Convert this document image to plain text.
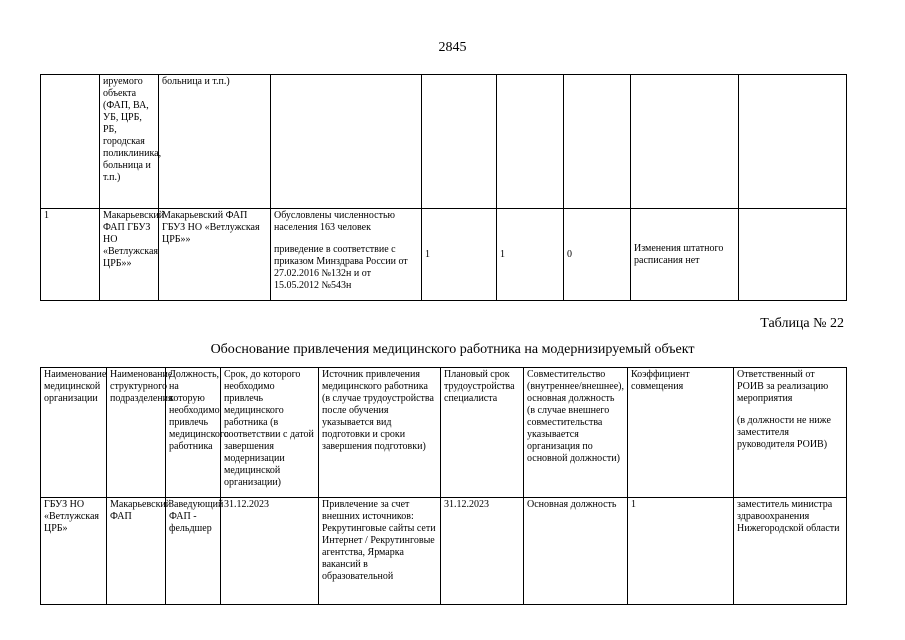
2845
	ируемого объекта (ФАП, ВА, УБ, ЦРБ, РБ, городская поликлиника, больница и т.п.)	больница и т.п.)						
1	Макарьевский ФАП ГБУЗ НО «Ветлужская ЦРБ»»	Макарьевский ФАП ГБУЗ НО «Ветлужская ЦРБ»»	Обусловлены численностью населения 163 человек

приведение в соответствие с приказом Минздрава России от 27.02.2016 №132н и от 15.05.2012 №543н	1	1	0	Изменения штатного расписания нет	
Таблица № 22
Обоснование привлечения медицинского работника на модернизируемый объект
Наименование медицинской организации	Наименование структурного подразделения	Должность, на которую необходимо привлечь медицинского работника	Срок, до которого необходимо привлечь медицинского работника (в соответствии с датой завершения модернизации медицинской организации)	Источник привлечения медицинского работника (в случае трудоустройства после обучения указывается вид подготовки и сроки завершения подготовки)	Плановый срок трудоустройства специалиста	Совместительство (внутреннее/внешнее), основная должность (в случае внешнего совместительства указывается организация по основной должности)	Коэффициент совмещения	Ответственный от РОИВ за реализацию мероприятия

(в должности не ниже заместителя руководителя РОИВ)

ГБУЗ НО «Ветлужская ЦРБ»	Макарьевский ФАП	Заведующий ФАП - фельдшер	31.12.2023	Привлечение за счет внешних источников: Рекрутинговые сайты сети Интернет / Рекрутинговые агентства, Ярмарка вакансий в образовательной	31.12.2023	Основная должность	1	заместитель министра здравоохранения Нижегородской области
